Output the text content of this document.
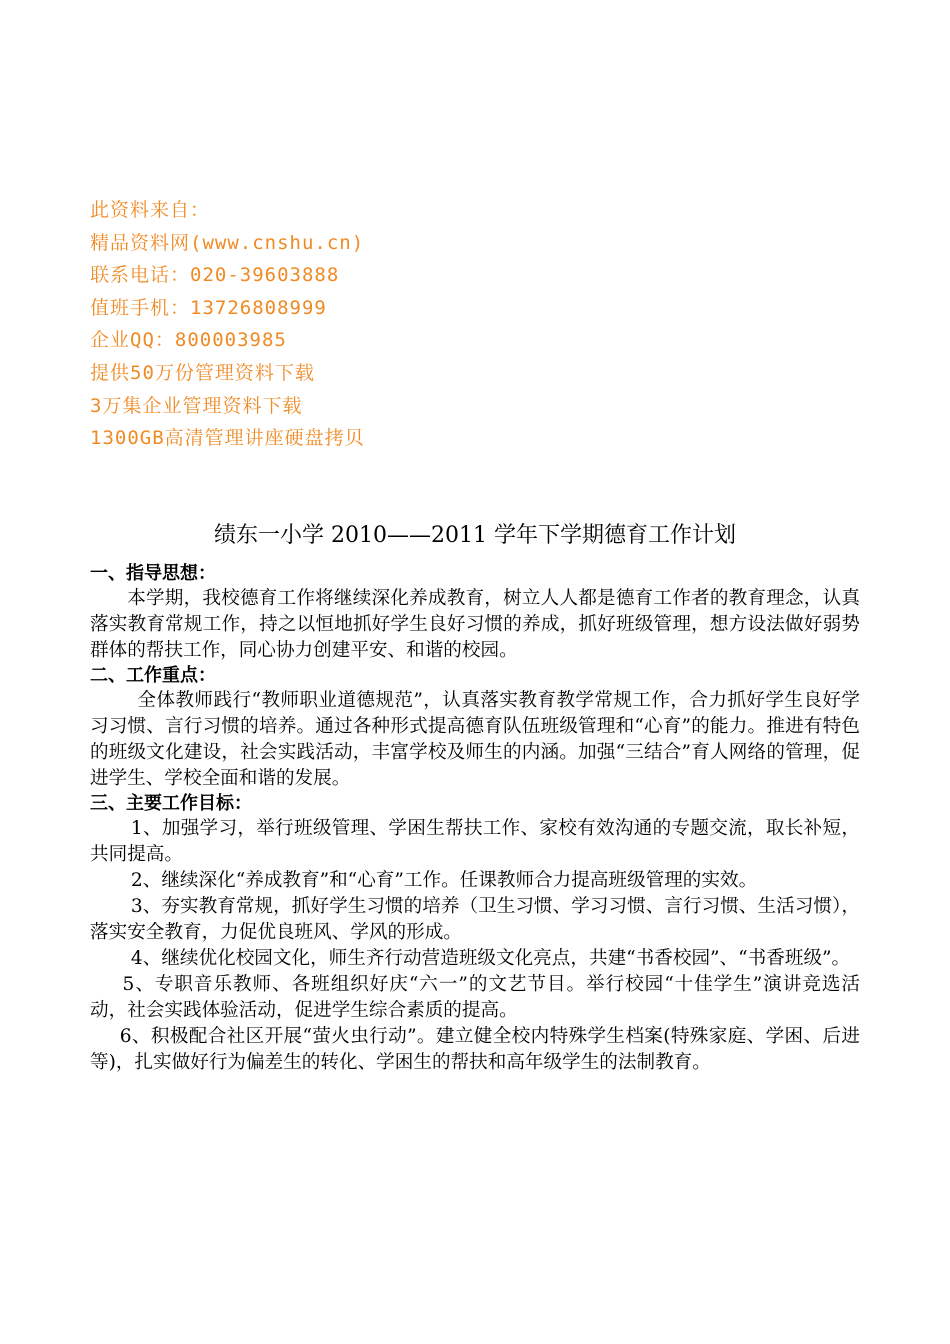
此资料来自：
精品资料网(www.cnshu.cn)
联系电话：020-39603888
值班手机：13726808999
企业QQ：800003985
提供50万份管理资料下载
3万集企业管理资料下载
1300GB高清管理讲座硬盘拷贝
绩东一小学 2010——2011 学年下学期德育工作计划

一、指导思想：

本学期，我校德育工作将继续深化养成教育，树立人人都是德育工作者的教育理念，认真落实教育常规工作，持之以恒地抓好学生良好习惯的养成，抓好班级管理，想方设法做好弱势群体的帮扶工作，同心协力创建平安、和谐的校园。

二、工作重点：

全体教师践行“教师职业道德规范”，认真落实教育教学常规工作，合力抓好学生良好学习习惯、言行习惯的培养。通过各种形式提高德育队伍班级管理和“心育”的能力。推进有特色的班级文化建设，社会实践活动，丰富学校及师生的内涵。加强“三结合”育人网络的管理，促进学生、学校全面和谐的发展。

三、主要工作目标：

1、加强学习，举行班级管理、学困生帮扶工作、家校有效沟通的专题交流，取长补短，共同提高。

2、继续深化“养成教育”和“心育”工作。任课教师合力提高班级管理的实效。

3、夯实教育常规，抓好学生习惯的培养（卫生习惯、学习习惯、言行习惯、生活习惯），落实安全教育，力促优良班风、学风的形成。

4、继续优化校园文化，师生齐行动营造班级文化亮点，共建“书香校园”、“书香班级”。

5、专职音乐教师、各班组织好庆“六一”的文艺节目。举行校园“十佳学生”演讲竞选活动，社会实践体验活动，促进学生综合素质的提高。

6、积极配合社区开展“萤火虫行动”。建立健全校内特殊学生档案(特殊家庭、学困、后进等)，扎实做好行为偏差生的转化、学困生的帮扶和高年级学生的法制教育。
